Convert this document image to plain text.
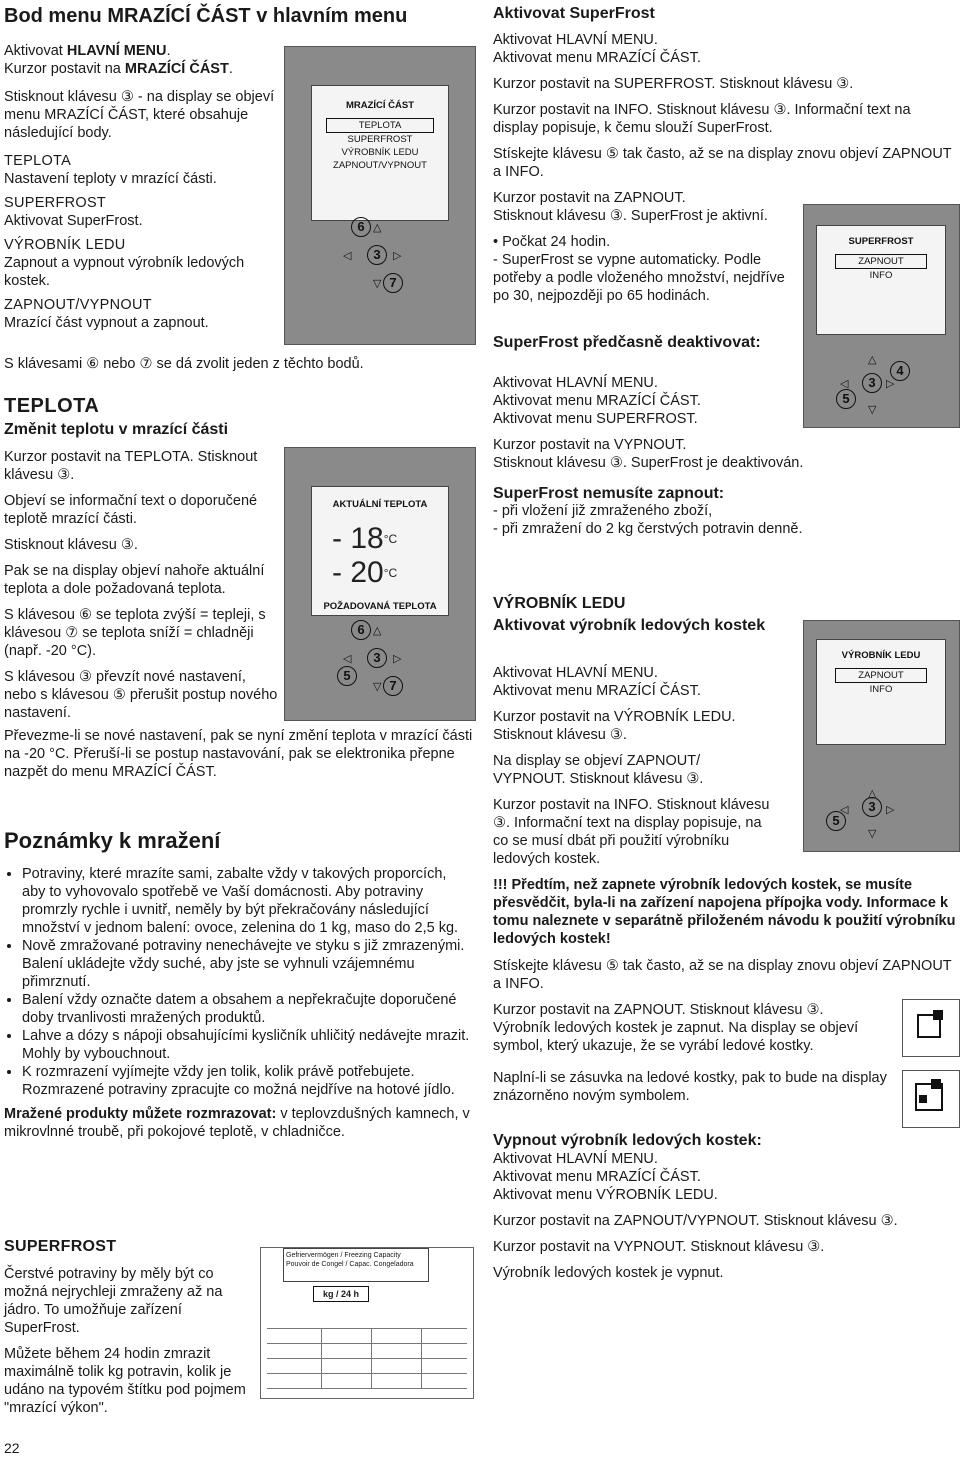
Bod menu MRAZÍCÍ ČÁST v hlavním menu

Aktivovat HLAVNÍ MENU.

Kurzor postavit na MRAZÍCÍ ČÁST.

Stisknout klávesu ③ - na display se objeví menu MRAZÍCÍ ČÁST, které obsahuje následující body.

TEPLOTA

Nastavení teploty v mrazící části.

SUPERFROST

Aktivovat SuperFrost.

VÝROBNÍK LEDU

Zapnout a vypnout výrobník ledových kostek.

ZAPNOUT/VYPNOUT

Mrazící část vypnout a zapnout.

MRAZÍCÍ ČÁST
TEPLOTA
SUPERFROST
VÝROBNÍK LEDU
ZAPNOUT/VYPNOUT
6 △
◁	3	▷
▽ 7
S klávesami ⑥ nebo ⑦ se dá zvolit jeden z těchto bodů.
TEPLOTA
Změnit teplotu v mrazící části

Kurzor postavit na TEPLOTA. Stisknout klávesu ③.

Objeví se informační text o doporučené teplotě mrazící části.

Stisknout klávesu ③.

Pak se na display objeví nahoře aktuální teplota a dole požadovaná teplota.

S klávesou ⑥ se teplota zvýší = tepleji, s klávesou ⑦ se teplota sníží = chladněji (např. -20 °C).

S klávesou ③ převzít nové nastavení, nebo s klávesou ⑤ přerušit postup nového nastavení.

AKTUÁLNÍ TEPLOTA
- $18^{^\circ C}$
- $20^{^\circ C}$
POŽADOVANÁ TEPLOTA
6 △
◁	3	▷
5
▽ 7
Převezme-li se nové nastavení, pak se nyní změní teplota v mrazící části na -20 °C. Přeruší-li se postup nastavování, pak se elektronika přepne nazpět do menu MRAZÍCÍ ČÁST.
Poznámky k mražení
• Potraviny, které mrazíte sami, zabalte vždy v takových proporcích, aby to vyhovovalo spotřebě ve Vaší domácnosti. Aby potraviny promrzly rychle i uvnitř, neměly by být překračovány následující množství v jednom balení: ovoce, zelenina do 1 kg, maso do 2,5 kg.
• Nově zmražované potraviny nenechávejte ve styku s již zmrazenými. Balení ukládejte vždy suché, aby jste se vyhnuli vzájemnému přimrznutí.
• Balení vždy označte datem a obsahem a nepřekračujte doporučené doby trvanlivosti mražených produktů.
• Lahve a dózy s nápoji obsahujícími kysličník uhličitý nedávejte mrazit. Mohly by vybouchnout.
• K rozmrazení vyjímejte vždy jen tolik, kolik právě potřebujete. Rozmrazené potraviny zpracujte co možná nejdříve na hotové jídlo.

Mražené produkty můžete rozmrazovat: v teplovzdušných kamnech, v mikrovlnné troubě, při pokojové teplotě, v chladničce.

SUPERFROST

Čerstvé potraviny by měly být co možná nejrychleji zmraženy až na jádro. To umožňuje zařízení SuperFrost.

Můžete během 24 hodin zmrazit maximálně tolik kg potravin, kolik je udáno na typovém štítku pod pojmem "mrazící výkon".

Gefriervermögen / Freezing Capacity
Pouvoir de Congel / Capac. Congeladora
kg / 24 h
22
Aktivovat SuperFrost

Aktivovat HLAVNÍ MENU.

Aktivovat menu MRAZÍCÍ ČÁST.

Kurzor postavit na SUPERFROST. Stisknout klávesu ③.

Kurzor postavit na INFO. Stisknout klávesu ③. Informační text na display popisuje, k čemu slouží SuperFrost.

Stískejte klávesu ⑤ tak často, až se na display znovu objeví ZAPNOUT a INFO.

Kurzor postavit na ZAPNOUT.

Stisknout klávesu ③. SuperFrost je aktivní.

• Počkat 24 hodin.

- SuperFrost se vypne automaticky. Podle potřeby a podle vloženého množství, nejdříve po 30, nejpozději po 65 hodinách.

SUPERFROST
ZAPNOUT
INFO
△
4
◁	3 ▷
5
▽
SuperFrost předčasně deaktivovat:

Aktivovat HLAVNÍ MENU.

Aktivovat menu MRAZÍCÍ ČÁST.

Aktivovat menu SUPERFROST.

Kurzor postavit na VYPNOUT.

Stisknout klávesu ③. SuperFrost je deaktivován.

SuperFrost nemusíte zapnout:

- při vložení již zmraženého zboží,

- při zmražení do 2 kg čerstvých potravin denně.

VÝROBNÍK LEDU

Aktivovat výrobník ledových kostek

Aktivovat HLAVNÍ MENU.

Aktivovat menu MRAZÍCÍ ČÁST.

Kurzor postavit na VÝROBNÍK LEDU. Stisknout klávesu ③.

Na display se objeví ZAPNOUT/ VYPNOUT. Stisknout klávesu ③.

Kurzor postavit na INFO. Stisknout klávesu ③. Informační text na display popisuje, na co se musí dbát při použití výrobníku ledových kostek.

VÝROBNÍK LEDU
ZAPNOUT
INFO
△
◁	3 ▷
5
▽
!!! Předtím, než zapnete výrobník ledových kostek, se musíte přesvědčit, byla-li na zařízení napojena přípojka vody. Informace k tomu naleznete v separátně přiloženém návodu k použití výrobníku ledových kostek!

Stískejte klávesu ⑤ tak často, až se na display znovu objeví ZAPNOUT a INFO.

Kurzor postavit na ZAPNOUT. Stisknout klávesu ③.

Výrobník ledových kostek je zapnut. Na display se objeví symbol, který ukazuje, že se vyrábí ledové kostky.

Naplní-li se zásuvka na ledové kostky, pak to bude na display znázorněno novým symbolem.

Vypnout výrobník ledových kostek:

Aktivovat HLAVNÍ MENU.

Aktivovat menu MRAZÍCÍ ČÁST.

Aktivovat menu VÝROBNÍK LEDU.

Kurzor postavit na ZAPNOUT/VYPNOUT. Stisknout klávesu ③.

Kurzor postavit na VYPNOUT. Stisknout klávesu ③.

Výrobník ledových kostek je vypnut.
